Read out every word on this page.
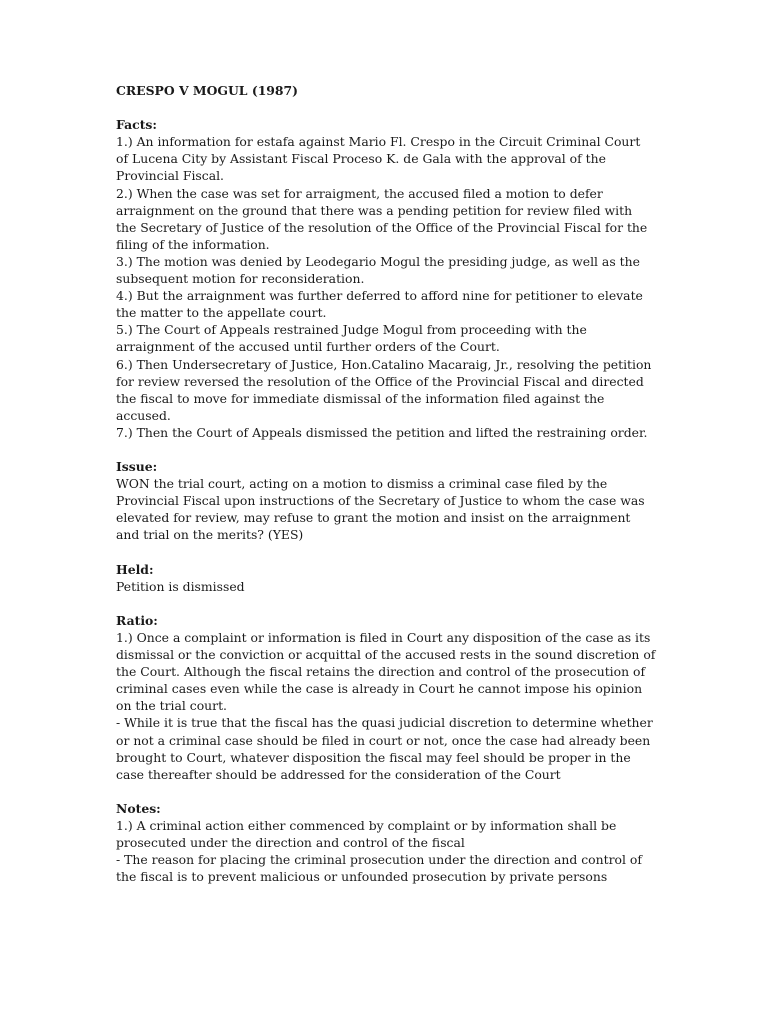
CRESPO V MOGUL (1987)
Facts:
1.) An information for estafa against Mario Fl. Crespo in the Circuit Criminal Court of Lucena City by Assistant Fiscal Proceso K. de Gala with the approval of the Provincial Fiscal.
2.) When the case was set for arraigment, the accused filed a motion to defer arraignment on the ground that there was a pending petition for review filed with the Secretary of Justice of the resolution of the Office of the Provincial Fiscal for the filing of the information.
3.) The motion was denied by Leodegario Mogul the presiding judge, as well as the subsequent motion for reconsideration.
4.) But the arraignment was further deferred to afford nine for petitioner to elevate the matter to the appellate court.
5.) The Court of Appeals restrained Judge Mogul from proceeding with the arraignment of the accused until further orders of the Court.
6.) Then Undersecretary of Justice, Hon.Catalino Macaraig, Jr., resolving the petition for review reversed the resolution of the Office of the Provincial Fiscal and directed the fiscal to move for immediate dismissal of the information filed against the accused.
7.) Then the Court of Appeals dismissed the petition and lifted the restraining order.
Issue:
WON the trial court, acting on a motion to dismiss a criminal case filed by the Provincial Fiscal upon instructions of the Secretary of Justice to whom the case was elevated for review, may refuse to grant the motion and insist on the arraignment and trial on the merits? (YES)
Held:
Petition is dismissed
Ratio:
1.) Once a complaint or information is filed in Court any disposition of the case as its dismissal or the conviction or acquittal of the accused rests in the sound discretion of the Court. Although the fiscal retains the direction and control of the prosecution of criminal cases even while the case is already in Court he cannot impose his opinion on the trial court.
- While it is true that the fiscal has the quasi judicial discretion to determine whether or not a criminal case should be filed in court or not, once the case had already been brought to Court, whatever disposition the fiscal may feel should be proper in the case thereafter should be addressed for the consideration of the Court
Notes:
1.) A criminal action either commenced by complaint or by information shall be prosecuted under the direction and control of the fiscal
- The reason for placing the criminal prosecution under the direction and control of the fiscal is to prevent malicious or unfounded prosecution by private persons
